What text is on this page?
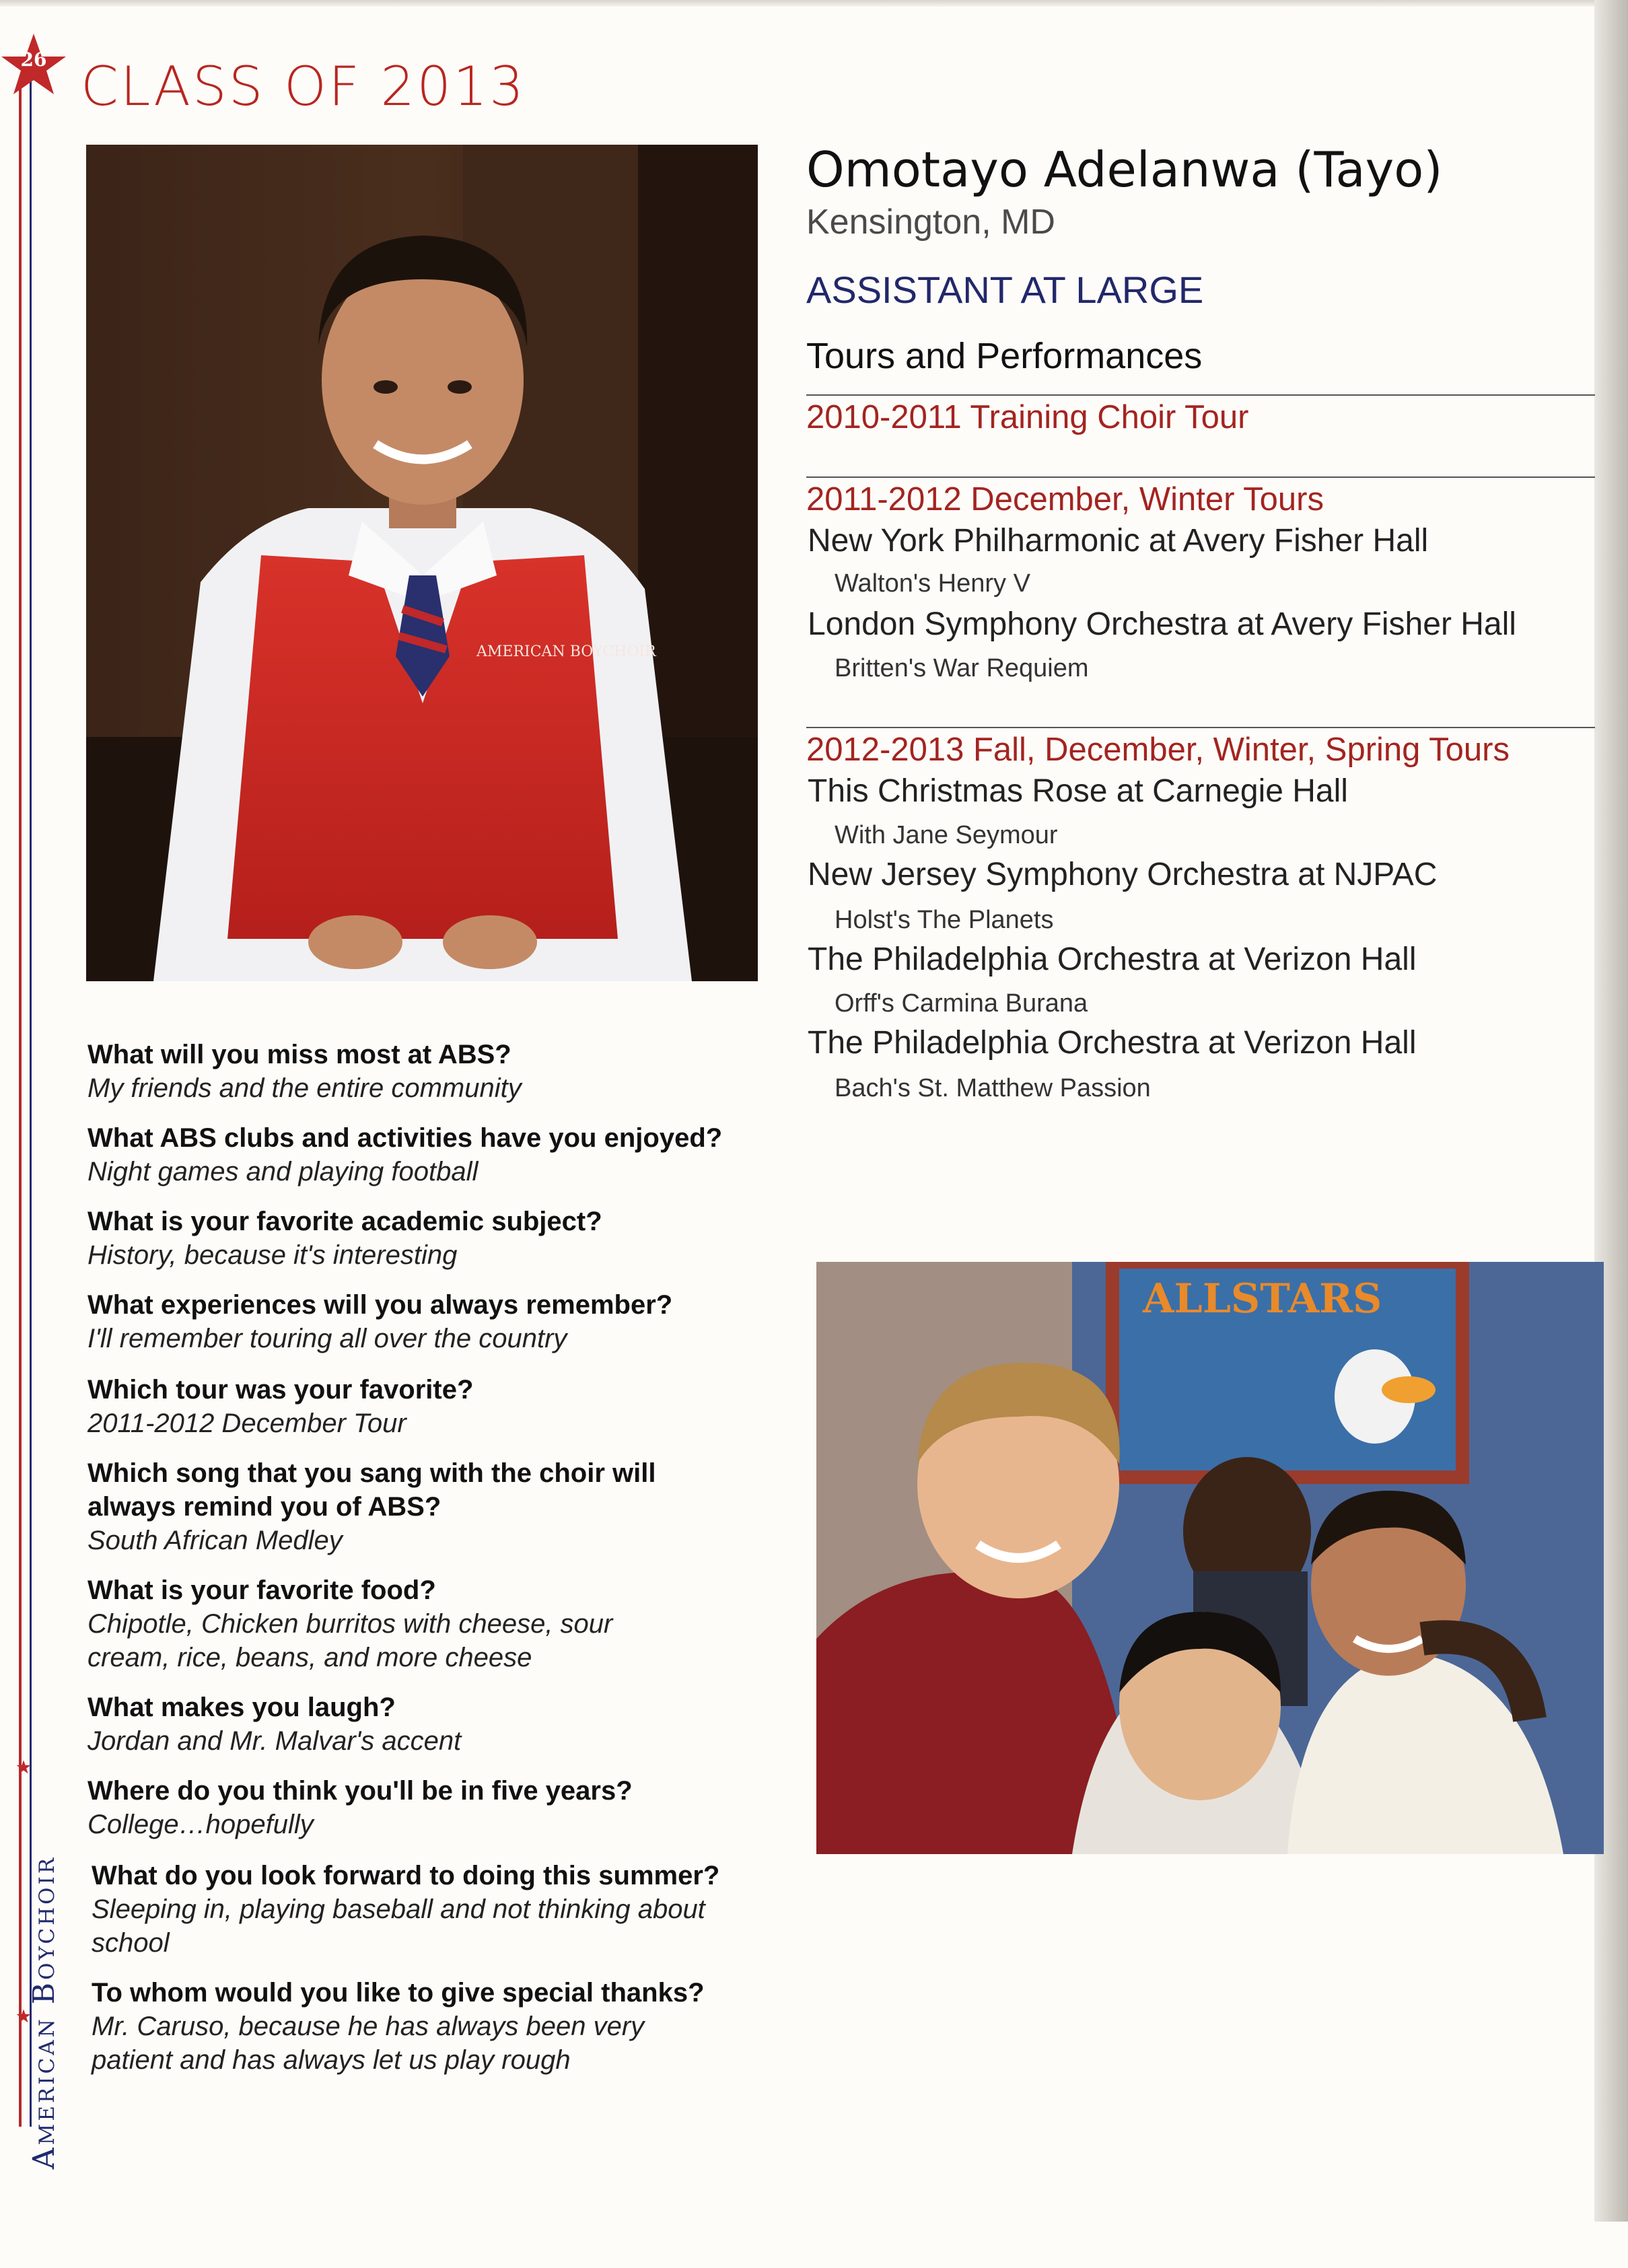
26 CLASS OF 2013
American Boychoir
AMERICAN BOYCHOIR
Omotayo Adelanwa (Tayo)
Kensington, MD
ASSISTANT AT LARGE
Tours and Performances
2010-2011 Training Choir Tour
2011-2012 December, Winter Tours
New York Philharmonic at Avery Fisher Hall
Walton's Henry V
London Symphony Orchestra at Avery Fisher Hall
Britten's War Requiem
2012-2013 Fall, December, Winter, Spring Tours
This Christmas Rose at Carnegie Hall
With Jane Seymour
New Jersey Symphony Orchestra at NJPAC
Holst's The Planets
The Philadelphia Orchestra at Verizon Hall
Orff's Carmina Burana
The Philadelphia Orchestra at Verizon Hall
Bach's St. Matthew Passion
What will you miss most at ABS?
My friends and the entire community
What ABS clubs and activities have you enjoyed?
Night games and playing football
What is your favorite academic subject?
History, because it's interesting
What experiences will you always remember?
I'll remember touring all over the country
Which tour was your favorite?
2011-2012 December Tour
Which song that you sang with the choir will always remind you of ABS?
South African Medley
What is your favorite food?
Chipotle, Chicken burritos with cheese, sour cream, rice, beans, and more cheese
What makes you laugh?
Jordan and Mr. Malvar's accent
Where do you think you'll be in five years?
College…hopefully
What do you look forward to doing this summer?
Sleeping in, playing baseball and not thinking about school
To whom would you like to give special thanks?
Mr. Caruso, because he has always been very patient and has always let us play rough
ALLSTARS
